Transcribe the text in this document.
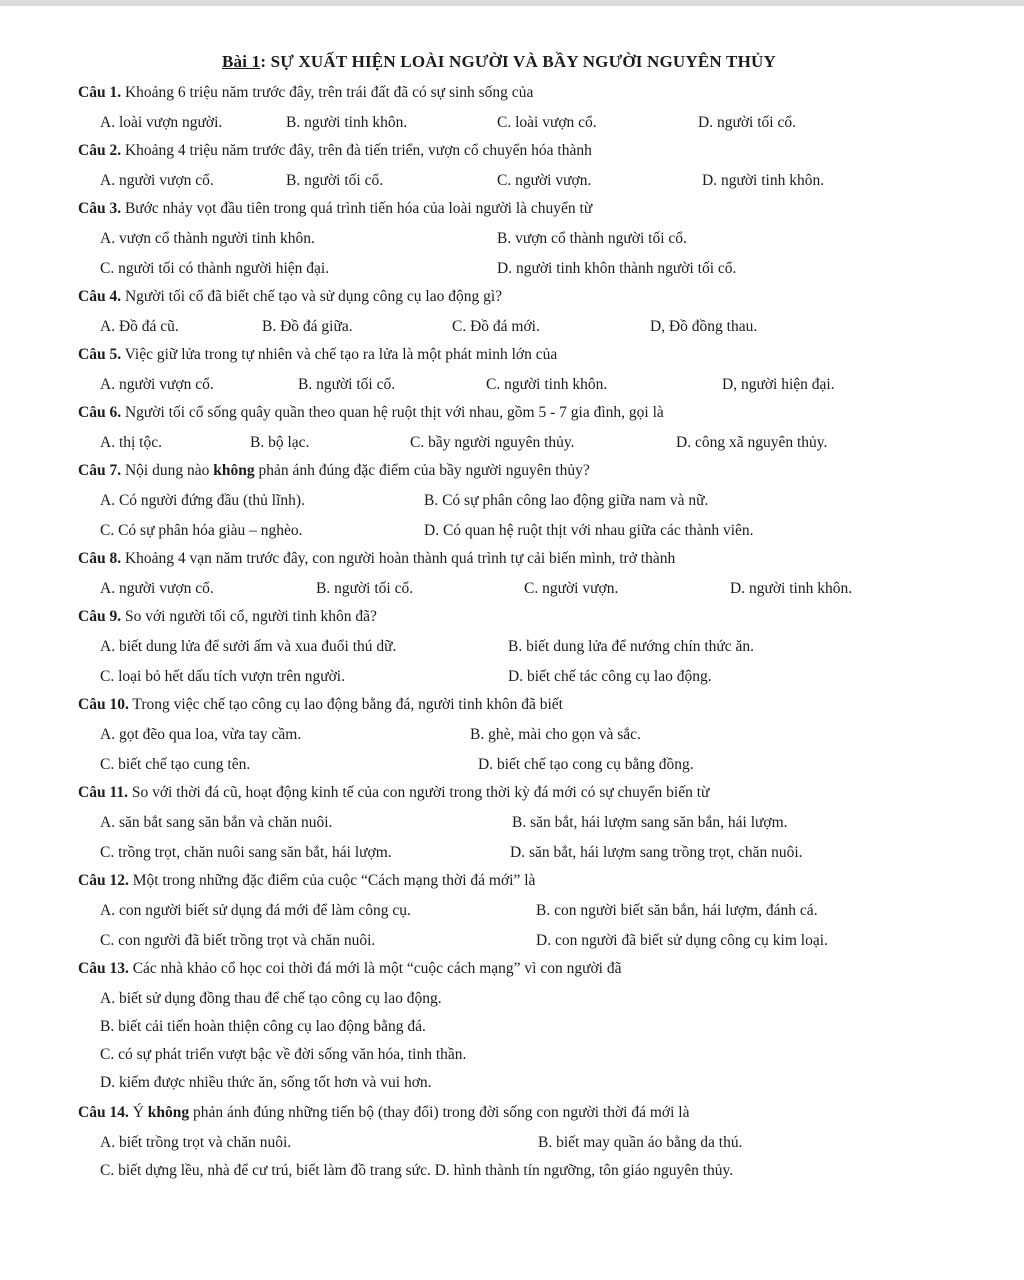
Bài 1: SỰ XUẤT HIỆN LOÀI NGƯỜI VÀ BẦY NGƯỜI NGUYÊN THỦY
Câu 1. Khoảng 6 triệu năm trước đây, trên trái đất đã có sự sinh sống của
A. loài vượn người.	B. người tinh khôn.	C. loài vượn cổ.	D. người tối cổ.
Câu 2. Khoảng 4 triệu năm trước đây, trên đà tiến triển, vượn cổ chuyển hóa thành
A. người vượn cổ.	B. người tối cổ.	C. người vượn.	D. người tinh khôn.
Câu 3. Bước nhảy vọt đầu tiên trong quá trình tiến hóa của loài người là chuyển từ
A. vượn cổ thành người tinh khôn.	B. vượn cổ thành người tối cổ.
C. người tối có thành người hiện đại.	D. người tinh khôn thành người tối cổ.
Câu 4. Người tối cổ đã biết chế tạo và sử dụng công cụ lao động gì?
A. Đồ đá cũ.	B. Đồ đá giữa.	C. Đồ đá mới.	D, Đồ đồng thau.
Câu 5. Việc giữ lửa trong tự nhiên và chế tạo ra lửa là một phát minh lớn của
A. người vượn cổ.	B. người tối cổ.	C. người tinh khôn.	D, người hiện đại.
Câu 6. Người tối cổ sống quây quần theo quan hệ ruột thịt với nhau, gồm 5 - 7 gia đình, gọi là
A. thị tộc.	B. bộ lạc.	C. bầy người nguyên thủy.	D. công xã nguyên thủy.
Câu 7. Nội dung nào không phản ánh đúng đặc điểm của bầy người nguyên thủy?
A. Có người đứng đầu (thủ lĩnh).	B. Có sự phân công lao động giữa nam và nữ.
C. Có sự phân hóa giàu – nghèo.	D. Có quan hệ ruột thịt với nhau giữa các thành viên.
Câu 8. Khoảng 4 vạn năm trước đây, con người hoàn thành quá trình tự cải biến mình, trở thành
A. người vượn cổ.	B. người tối cổ.	C. người vượn.	D. người tinh khôn.
Câu 9. So với người tối cổ, người tinh khôn đã?
A. biết dung lửa để sưởi ấm và xua đuổi thú dữ.	B. biết dung lửa để nướng chín thức ăn.
C. loại bỏ hết dấu tích vượn trên người.	D. biết chế tác công cụ lao động.
Câu 10. Trong việc chế tạo công cụ lao động bằng đá, người tinh khôn đã biết
A. gọt đẽo qua loa, vừa tay cầm.	B. ghè, mài cho gọn và sắc.
C. biết chế tạo cung tên.	D. biết chế tạo cong cụ bằng đồng.
Câu 11. So với thời đá cũ, hoạt động kinh tế của con người trong thời kỳ đá mới có sự chuyển biến từ
A. săn bắt sang săn bắn và chăn nuôi.	B. săn bắt, hái lượm sang săn bắn, hái lượm.
C. trồng trọt, chăn nuôi sang săn bắt, hái lượm.	D. săn bắt, hái lượm sang trồng trọt, chăn nuôi.
Câu 12. Một trong những đặc điểm của cuộc “Cách mạng thời đá mới” là
A. con người biết sử dụng đá mới để làm công cụ.	B. con người biết săn bắn, hái lượm, đánh cá.
C. con người đã biết trồng trọt và chăn nuôi.	D. con người đã biết sử dụng công cụ kim loại.
Câu 13. Các nhà khảo cổ học coi thời đá mới là một “cuộc cách mạng” vì con người đã
A. biết sử dụng đồng thau để chế tạo công cụ lao động.
B. biết cải tiến hoàn thiện công cụ lao động bằng đá.
C. có sự phát triển vượt bậc về đời sống văn hóa, tinh thần.
D. kiếm được nhiều thức ăn, sống tốt hơn và vui hơn.
Câu 14. Ý không phản ánh đúng những tiến bộ (thay đổi) trong đời sống con người thời đá mới là
A. biết trồng trọt và chăn nuôi.	B. biết may quần áo bằng da thú.
C. biết dựng lều, nhà để cư trú, biết làm đồ trang sức. D. hình thành tín ngưỡng, tôn giáo nguyên thủy.
